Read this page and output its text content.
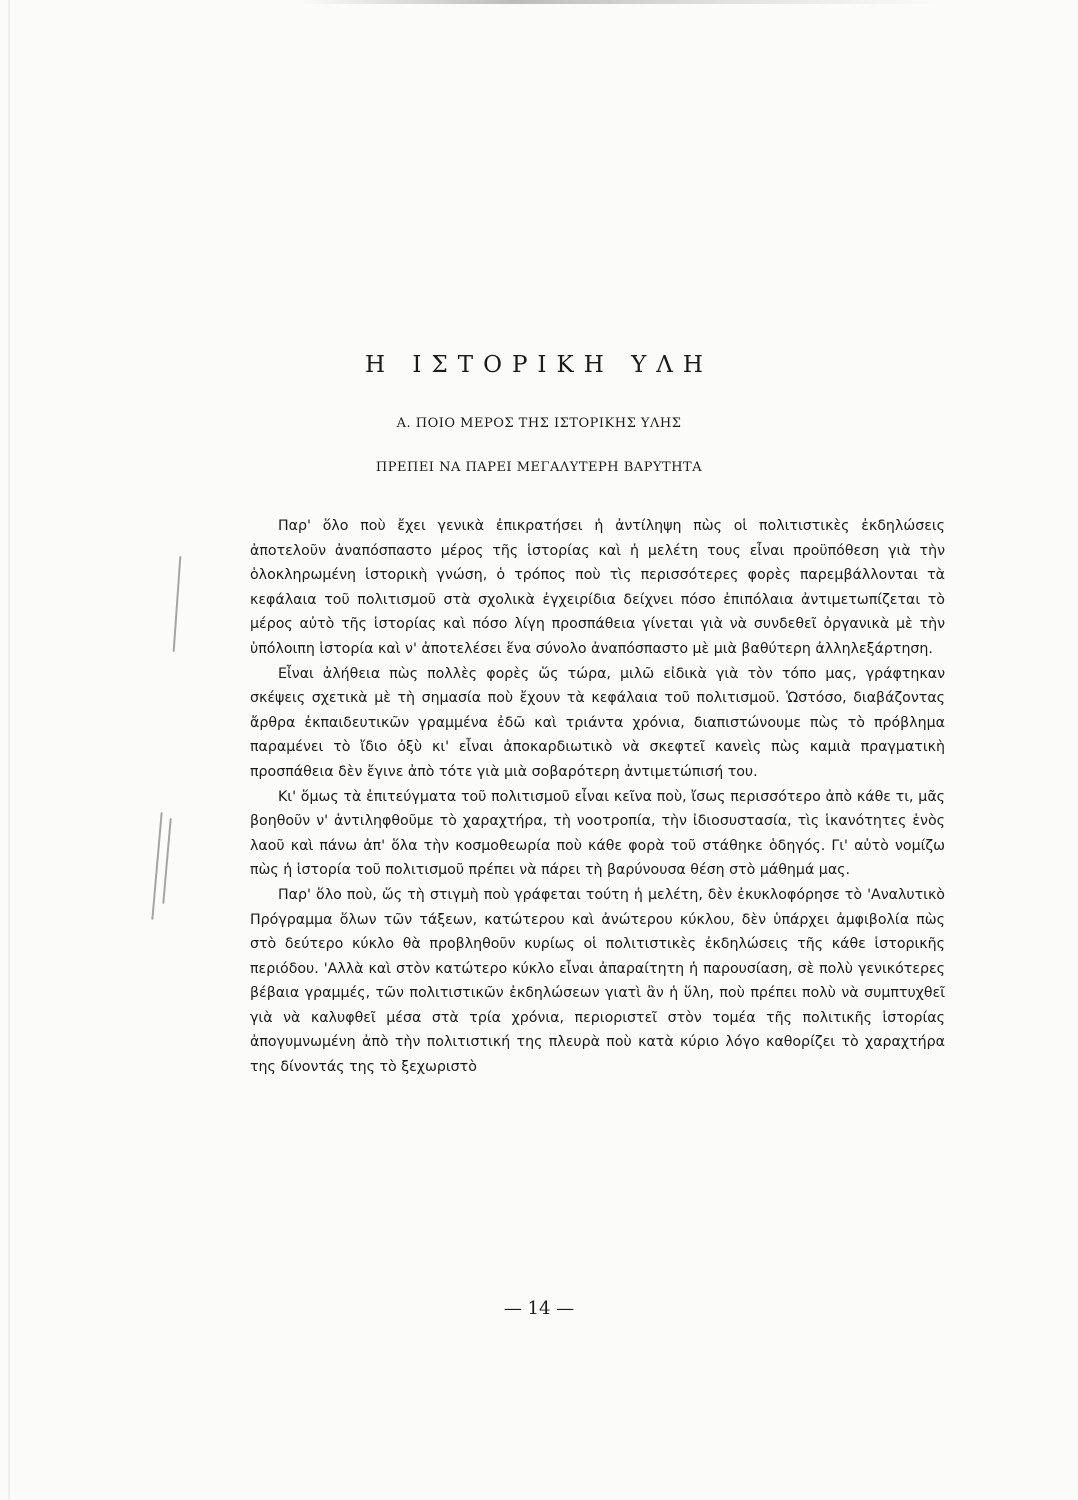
Η ΙΣΤΟΡΙΚΗ ΥΛΗ

Α. ΠΟΙΟ ΜΕΡΟΣ ΤΗΣ ΙΣΤΟΡΙΚΗΣ ΥΛΗΣ

ΠΡΕΠΕΙ ΝΑ ΠΑΡΕΙ ΜΕΓΑΛΥΤΕΡΗ ΒΑΡΥΤΗΤΑ

Παρ' ὅλο ποὺ ἔχει γενικὰ ἐπικρατήσει ἡ ἀντίληψη πὼς οἱ πολιτιστικὲς ἐκδηλώσεις ἀποτελοῦν ἀναπόσπαστο μέρος τῆς ἱστορίας καὶ ἡ μελέτη τους εἶναι προϋπόθεση γιὰ τὴν ὁλοκληρωμένη ἱστορικὴ γνώση, ὁ τρόπος ποὺ τὶς περισσότερες φορὲς παρεμβάλλονται τὰ κεφάλαια τοῦ πολιτισμοῦ στὰ σχολικὰ ἐγχειρίδια δείχνει πόσο ἐπιπόλαια ἀντιμετωπίζεται τὸ μέρος αὐτὸ τῆς ἱστορίας καὶ πόσο λίγη προσπάθεια γίνεται γιὰ νὰ συνδεθεῖ ὀργανικὰ μὲ τὴν ὑπόλοιπη ἱστορία καὶ ν' ἀποτελέσει ἕνα σύνολο ἀναπόσπαστο μὲ μιὰ βαθύτερη ἀλληλεξάρτηση.

Εἶναι ἀλήθεια πὼς πολλὲς φορὲς ὥς τώρα, μιλῶ εἰδικὰ γιὰ τὸν τόπο μας, γράφτηκαν σκέψεις σχετικὰ μὲ τὴ σημασία ποὺ ἔχουν τὰ κεφάλαια τοῦ πολιτισμοῦ. Ὡστόσο, διαβάζοντας ἄρθρα ἐκπαιδευτικῶν γραμμένα ἐδῶ καὶ τριάντα χρόνια, διαπιστώνουμε πὼς τὸ πρόβλημα παραμένει τὸ ἴδιο ὀξὺ κι' εἶναι ἀποκαρδιωτικὸ νὰ σκεφτεῖ κανεὶς πὼς καμιὰ πραγματικὴ προσπάθεια δὲν ἔγινε ἀπὸ τότε γιὰ μιὰ σοβαρότερη ἀντιμετώπισή του.

Κι' ὅμως τὰ ἐπιτεύγματα τοῦ πολιτισμοῦ εἶναι κεῖνα ποὺ, ἴσως περισσότερο ἀπὸ κάθε τι, μᾶς βοηθοῦν ν' ἀντιληφθοῦμε τὸ χαραχτήρα, τὴ νοοτροπία, τὴν ἰδιοσυστασία, τὶς ἱκανότητες ἑνὸς λαοῦ καὶ πάνω ἀπ' ὅλα τὴν κοσμοθεωρία ποὺ κάθε φορὰ τοῦ στάθηκε ὁδηγός. Γι' αὐτὸ νομίζω πὼς ἡ ἱστορία τοῦ πολιτισμοῦ πρέπει νὰ πάρει τὴ βαρύνουσα θέση στὸ μάθημά μας.

Παρ' ὅλο ποὺ, ὥς τὴ στιγμὴ ποὺ γράφεται τούτη ἡ μελέτη, δὲν ἐκυκλοφόρησε τὸ 'Αναλυτικὸ Πρόγραμμα ὅλων τῶν τάξεων, κατώτερου καὶ ἀνώτερου κύκλου, δὲν ὑπάρχει ἀμφιβολία πὼς στὸ δεύτερο κύκλο θὰ προβληθοῦν κυρίως οἱ πολιτιστικὲς ἐκδηλώσεις τῆς κάθε ἱστορικῆς περιόδου. 'Αλλὰ καὶ στὸν κατώτερο κύκλο εἶναι ἀπαραίτητη ἡ παρουσίαση, σὲ πολὺ γενικότερες βέβαια γραμμές, τῶν πολιτιστικῶν ἐκδηλώσεων γιατὶ ἂν ἡ ὕλη, ποὺ πρέπει πολὺ νὰ συμπτυχθεῖ γιὰ νὰ καλυφθεῖ μέσα στὰ τρία χρόνια, περιοριστεῖ στὸν τομέα τῆς πολιτικῆς ἱστορίας ἀπογυμνωμένη ἀπὸ τὴν πολιτιστική της πλευρὰ ποὺ κατὰ κύριο λόγο καθορίζει τὸ χαραχτήρα της δίνοντάς της τὸ ξεχωριστὸ

— 14 —
